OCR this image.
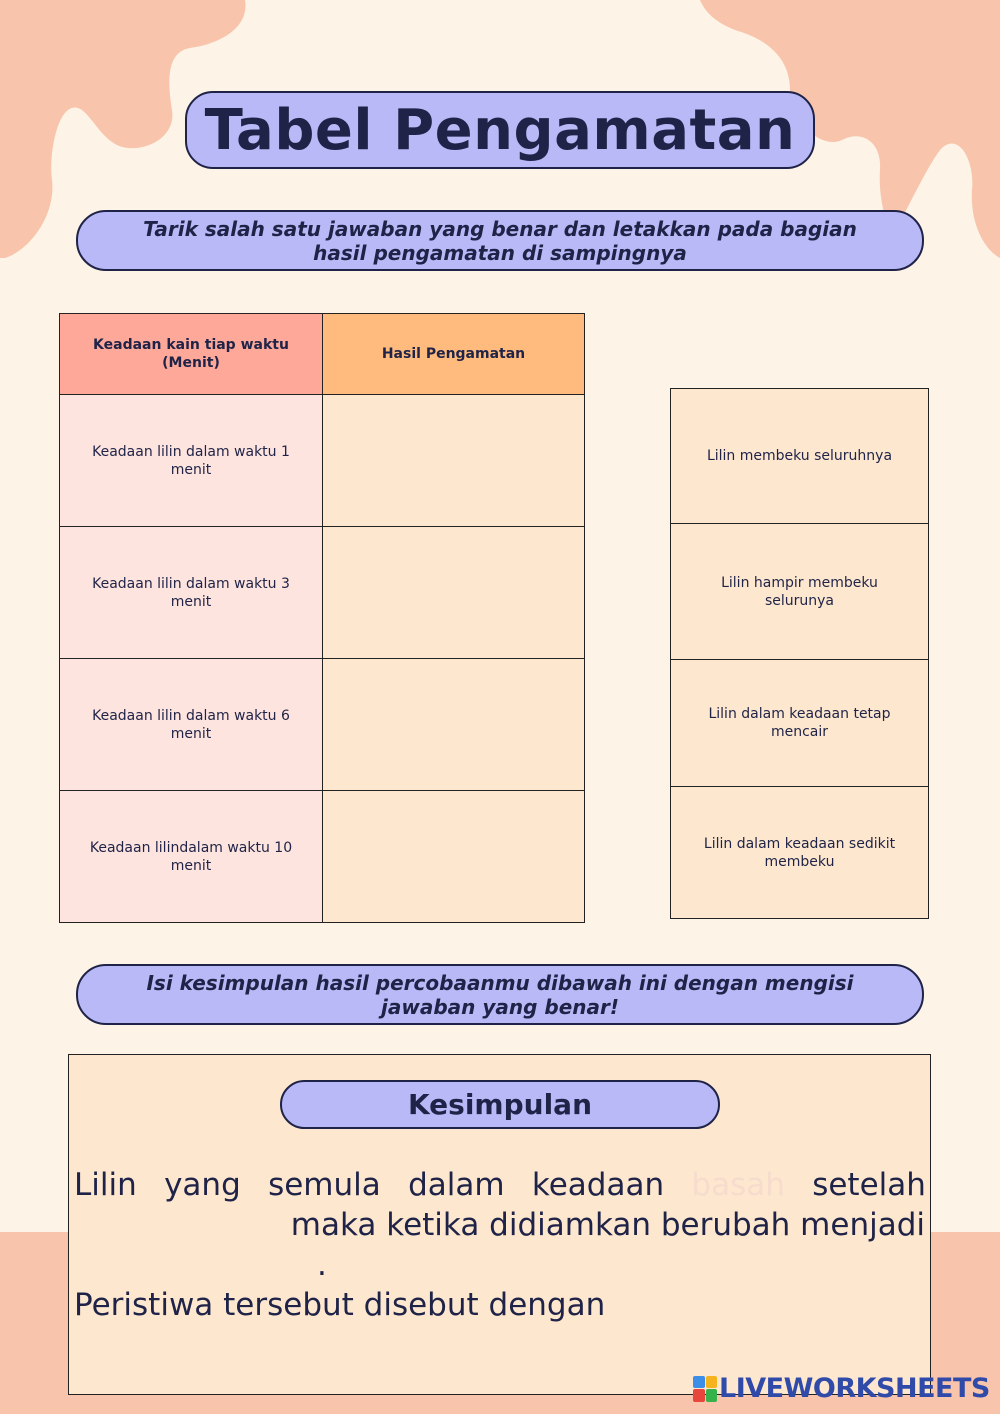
Tabel Pengamatan
Tarik salah satu jawaban yang benar dan letakkan pada bagian hasil pengamatan di sampingnya
Keadaan kain tiap waktu (Menit)	Hasil Pengamatan
Keadaan lilin dalam waktu 1 menit	
Keadaan lilin dalam waktu 3 menit	
Keadaan lilin dalam waktu 6 menit	
Keadaan lilindalam waktu 10 menit	
Lilin membeku seluruhnya
Lilin hampir membeku selurunya
Lilin dalam keadaan tetap mencair
Lilin dalam keadaan sedikit membeku
Isi kesimpulan hasil percobaanmu dibawah ini dengan mengisi jawaban yang benar!
Kesimpulan
Lilin yang semula dalam keadaan basah setelah
maka ketika didiamkan berubah menjadi
.
Peristiwa tersebut disebut dengan
LIVEWORKSHEETS
